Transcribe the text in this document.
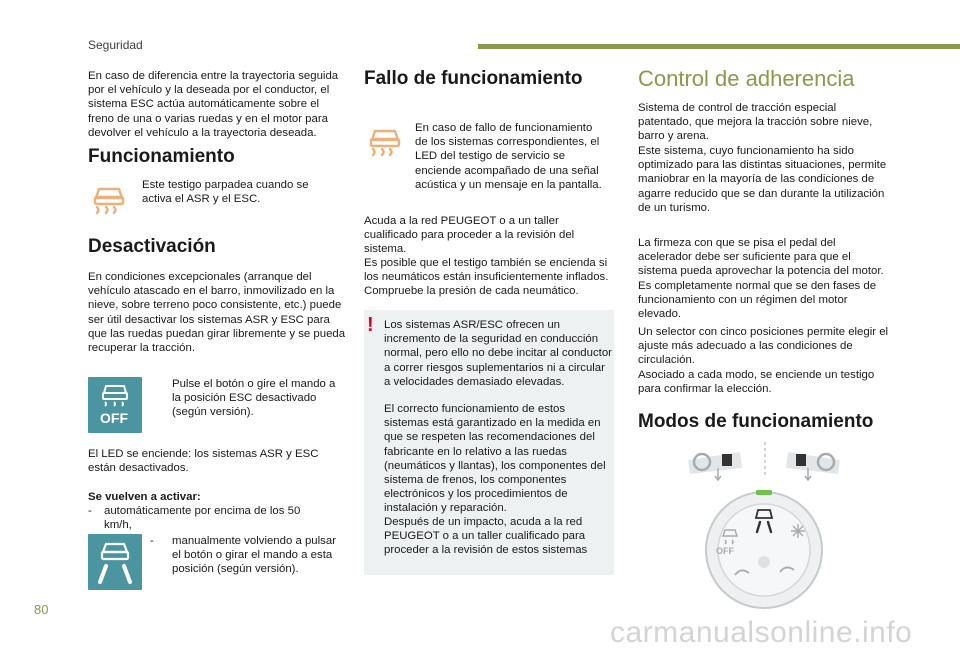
Seguridad
80
carmanualsonline.info

En caso de diferencia entre la trayectoria seguida por el vehículo y la deseada por el conductor, el sistema ESC actúa automáticamente sobre el freno de una o varias ruedas y en el motor para devolver el vehículo a la trayectoria deseada.

Funcionamiento

Este testigo parpadea cuando se activa el ASR y el ESC.

Desactivación

En condiciones excepcionales (arranque del vehículo atascado en el barro, inmovilizado en la nieve, sobre terreno poco consistente, etc.) puede ser útil desactivar los sistemas ASR y ESC para que las ruedas puedan girar libremente y se pueda recuperar la tracción.

OFF

Pulse el botón o gire el mando a la posición ESC desactivado (según versión).

El LED se enciende: los sistemas ASR y ESC están desactivados.

Se vuelven a activar:

- automáticamente por encima de los 50 km/h,

- manualmente volviendo a pulsar el botón o girar el mando a esta posición (según versión).

Fallo de funcionamiento

En caso de fallo de funcionamiento de los sistemas correspondientes, el LED del testigo de servicio se enciende acompañado de una señal acústica y un mensaje en la pantalla.

Acuda a la red PEUGEOT o a un taller cualificado para proceder a la revisión del sistema.

Es posible que el testigo también se encienda si los neumáticos están insuficientemente inflados. Compruebe la presión de cada neumático.

! Los sistemas ASR/ESC ofrecen un incremento de la seguridad en conducción normal, pero ello no debe incitar al conductor a correr riesgos suplementarios ni a circular a velocidades demasiado elevadas.

El correcto funcionamiento de estos sistemas está garantizado en la medida en que se respeten las recomendaciones del fabricante en lo relativo a las ruedas (neumáticos y llantas), los componentes del sistema de frenos, los componentes electrónicos y los procedimientos de instalación y reparación.

Después de un impacto, acuda a la red PEUGEOT o a un taller cualificado para proceder a la revisión de estos sistemas

Control de adherencia

Sistema de control de tracción especial patentado, que mejora la tracción sobre nieve, barro y arena.

Este sistema, cuyo funcionamiento ha sido optimizado para las distintas situaciones, permite maniobrar en la mayoría de las condiciones de agarre reducido que se dan durante la utilización de un turismo.

La firmeza con que se pisa el pedal del acelerador debe ser suficiente para que el sistema pueda aprovechar la potencia del motor. Es completamente normal que se den fases de funcionamiento con un régimen del motor elevado.

Un selector con cinco posiciones permite elegir el ajuste más adecuado a las condiciones de circulación.

Asociado a cada modo, se enciende un testigo para confirmar la elección.

Modos de funcionamiento
OFF
